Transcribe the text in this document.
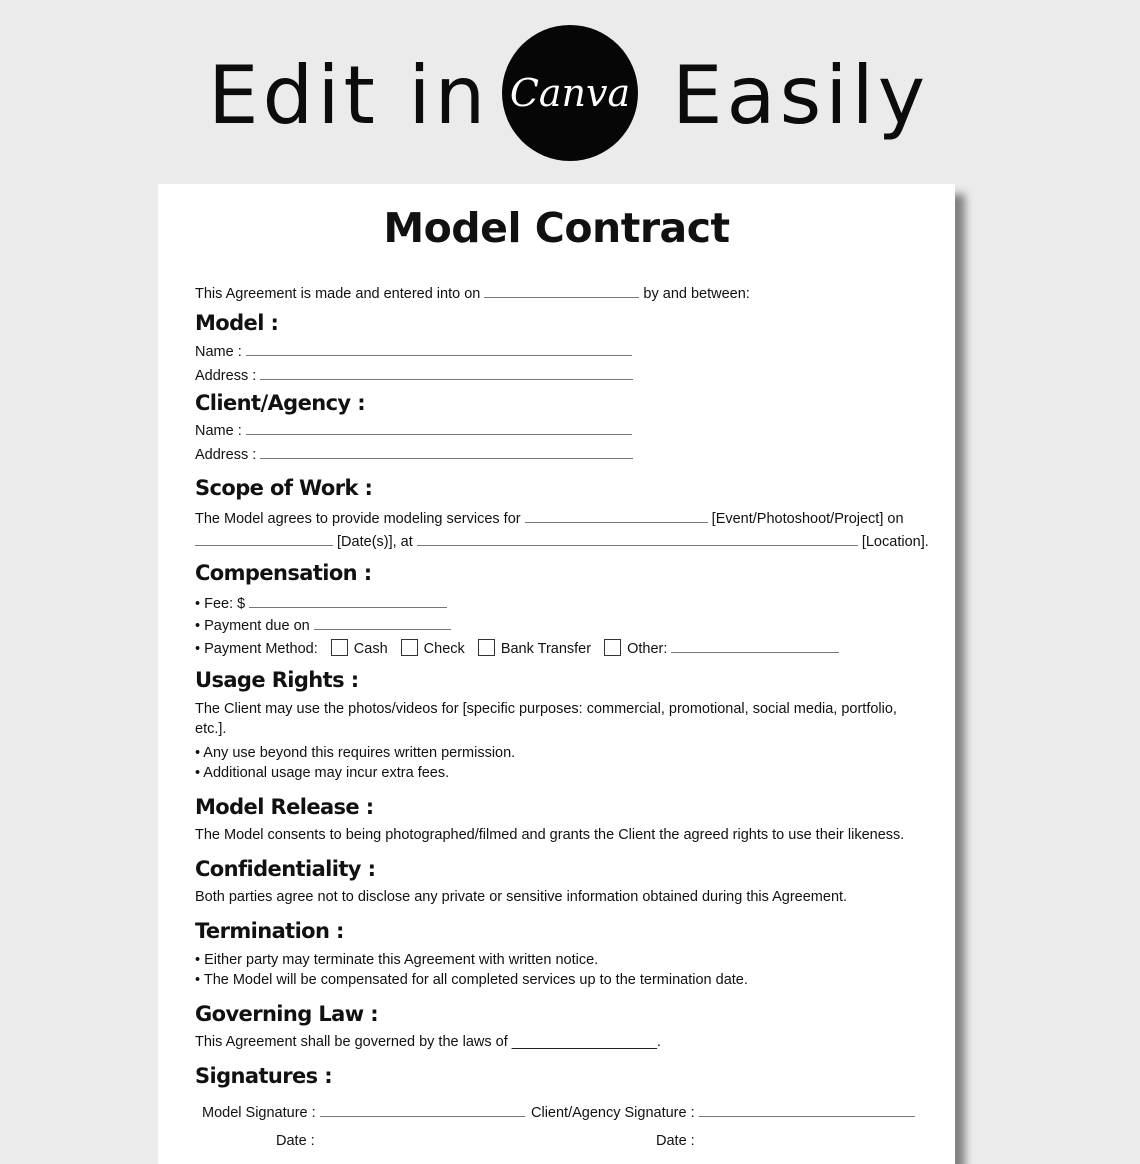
Edit in Canva Easily
Model Contract
This Agreement is made and entered into on	by and between:
Model :
Name :
Address :
Client/Agency :
Name :
Address :
Scope of Work :
The Model agrees to provide modeling services for	[Event/Photoshoot/Project] on
[Date(s)], at	[Location].
Compensation :
• Fee: $
• Payment due on
• Payment Method: Cash Check Bank Transfer Other:
Usage Rights :
The Client may use the photos/videos for [specific purposes: commercial, promotional, social media, portfolio,
etc.].
• Any use beyond this requires written permission.
• Additional usage may incur extra fees.
Model Release :
The Model consents to being photographed/filmed and grants the Client the agreed rights to use their likeness.
Confidentiality :
Both parties agree not to disclose any private or sensitive information obtained during this Agreement.
Termination :
• Either party may terminate this Agreement with written notice.
• The Model will be compensated for all completed services up to the termination date.
Governing Law :
This Agreement shall be governed by the laws of __________________.
Signatures :
Model Signature :	Client/Agency Signature :
Date :	Date :
